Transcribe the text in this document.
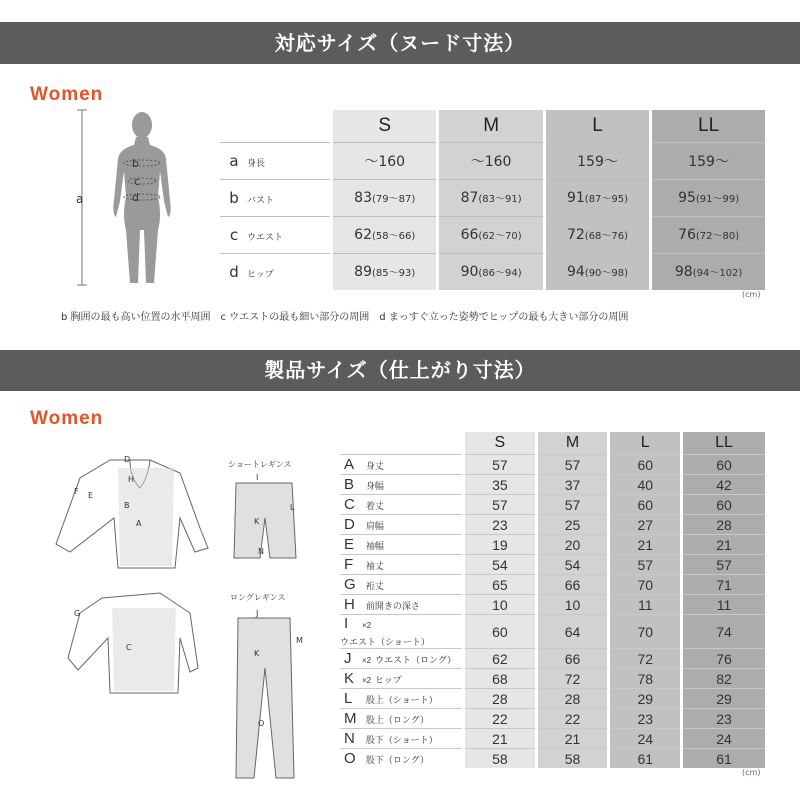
対応サイズ（ヌード寸法）
Women
a
b
c
d
	S	M	L	LL
a 身長	～160	～160	159～	159～
b バスト	83(79～87)	87(83～91)	91(87～95)	95(91～99)
c ウエスト	62(58～66)	66(62～70)	72(68～76)	76(72～80)
d ヒップ	89(85～93)	90(86～94)	94(90～98)	98(94～102)
(cm)
b 胸囲の最も高い位置の水平周囲　c ウエストの最も細い部分の周囲　d まっすぐ立った姿勢でヒップの最も大きい部分の周囲
製品サイズ（仕上がり寸法）
Women
D
H
F E
B
A
G
C
ショートレギンス
I
L
K
N
ロングレギンス
J
M
K
O
	S	M	L	LL
A 身丈	57	57	60	60
B 身幅	35	37	40	42
C 着丈	57	57	60	60
D 肩幅	23	25	27	28
E 袖幅	19	20	21	21
F 袖丈	54	54	57	57
G 裄丈	65	66	70	71
H 前開きの深さ	10	10	11	11
I ×2 ウエスト（ショート）	60	64	70	74
J ×2 ウエスト（ロング）	62	66	72	76
K ×2 ヒップ	68	72	78	82
L 股上（ショート）	28	28	29	29
M 股上（ロング）	22	22	23	23
N 股下（ショート）	21	21	24	24
O 股下（ロング）	58	58	61	61
(cm)
